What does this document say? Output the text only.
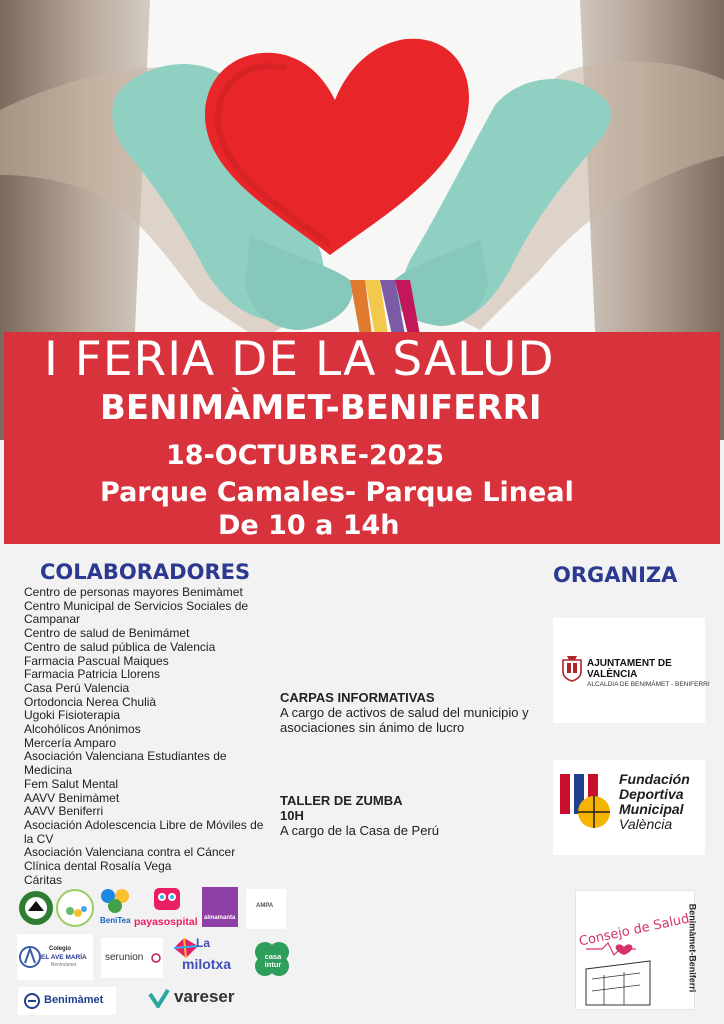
I FERIA DE LA SALUD
BENIMÀMET-BENIFERRI
18-OCTUBRE-2025
Parque Camales- Parque Lineal
De 10 a 14h
COLABORADORES
Centro de personas mayores Benimàmet
Centro Municipal de Servicios Sociales de Campanar
Centro de salud de Benimámet
Centro de salud pública de Valencia
Farmacia Pascual Maiques
Farmacia Patricia Llorens
Casa Perú Valencia
Ortodoncia Nerea Chulià
Ugoki Fisioterapia
Alcohólicos Anónimos
Mercería Amparo
Asociación Valenciana Estudiantes de Medicina
Fem Salut Mental
AAVV Benimàmet
AAVV Beniferri
Asociación Adolescencia Libre de Móviles de la CV
Asociación Valenciana contra el Cáncer
Clínica dental Rosalía Vega
Cáritas
CARPAS INFORMATIVAS
A cargo de activos de salud del municipio y asociaciones sin ánimo de lucro
TALLER DE ZUMBA
10H
A cargo de la Casa de Perú
ORGANIZA
AJUNTAMENT DE VALÈNCIA
ALCALDIA DE BENIMÀMET - BENIFERRI
Fundación
Deportiva
Municipal
València
Consejo de Salud
Benimàmet-Beniferri
BeniTea payasospital almamanta
AMPA
Colegio
EL AVE MARÍA
Benimàmet
serunion
La
milotxa	casa intur
Benimàmet	vareser
